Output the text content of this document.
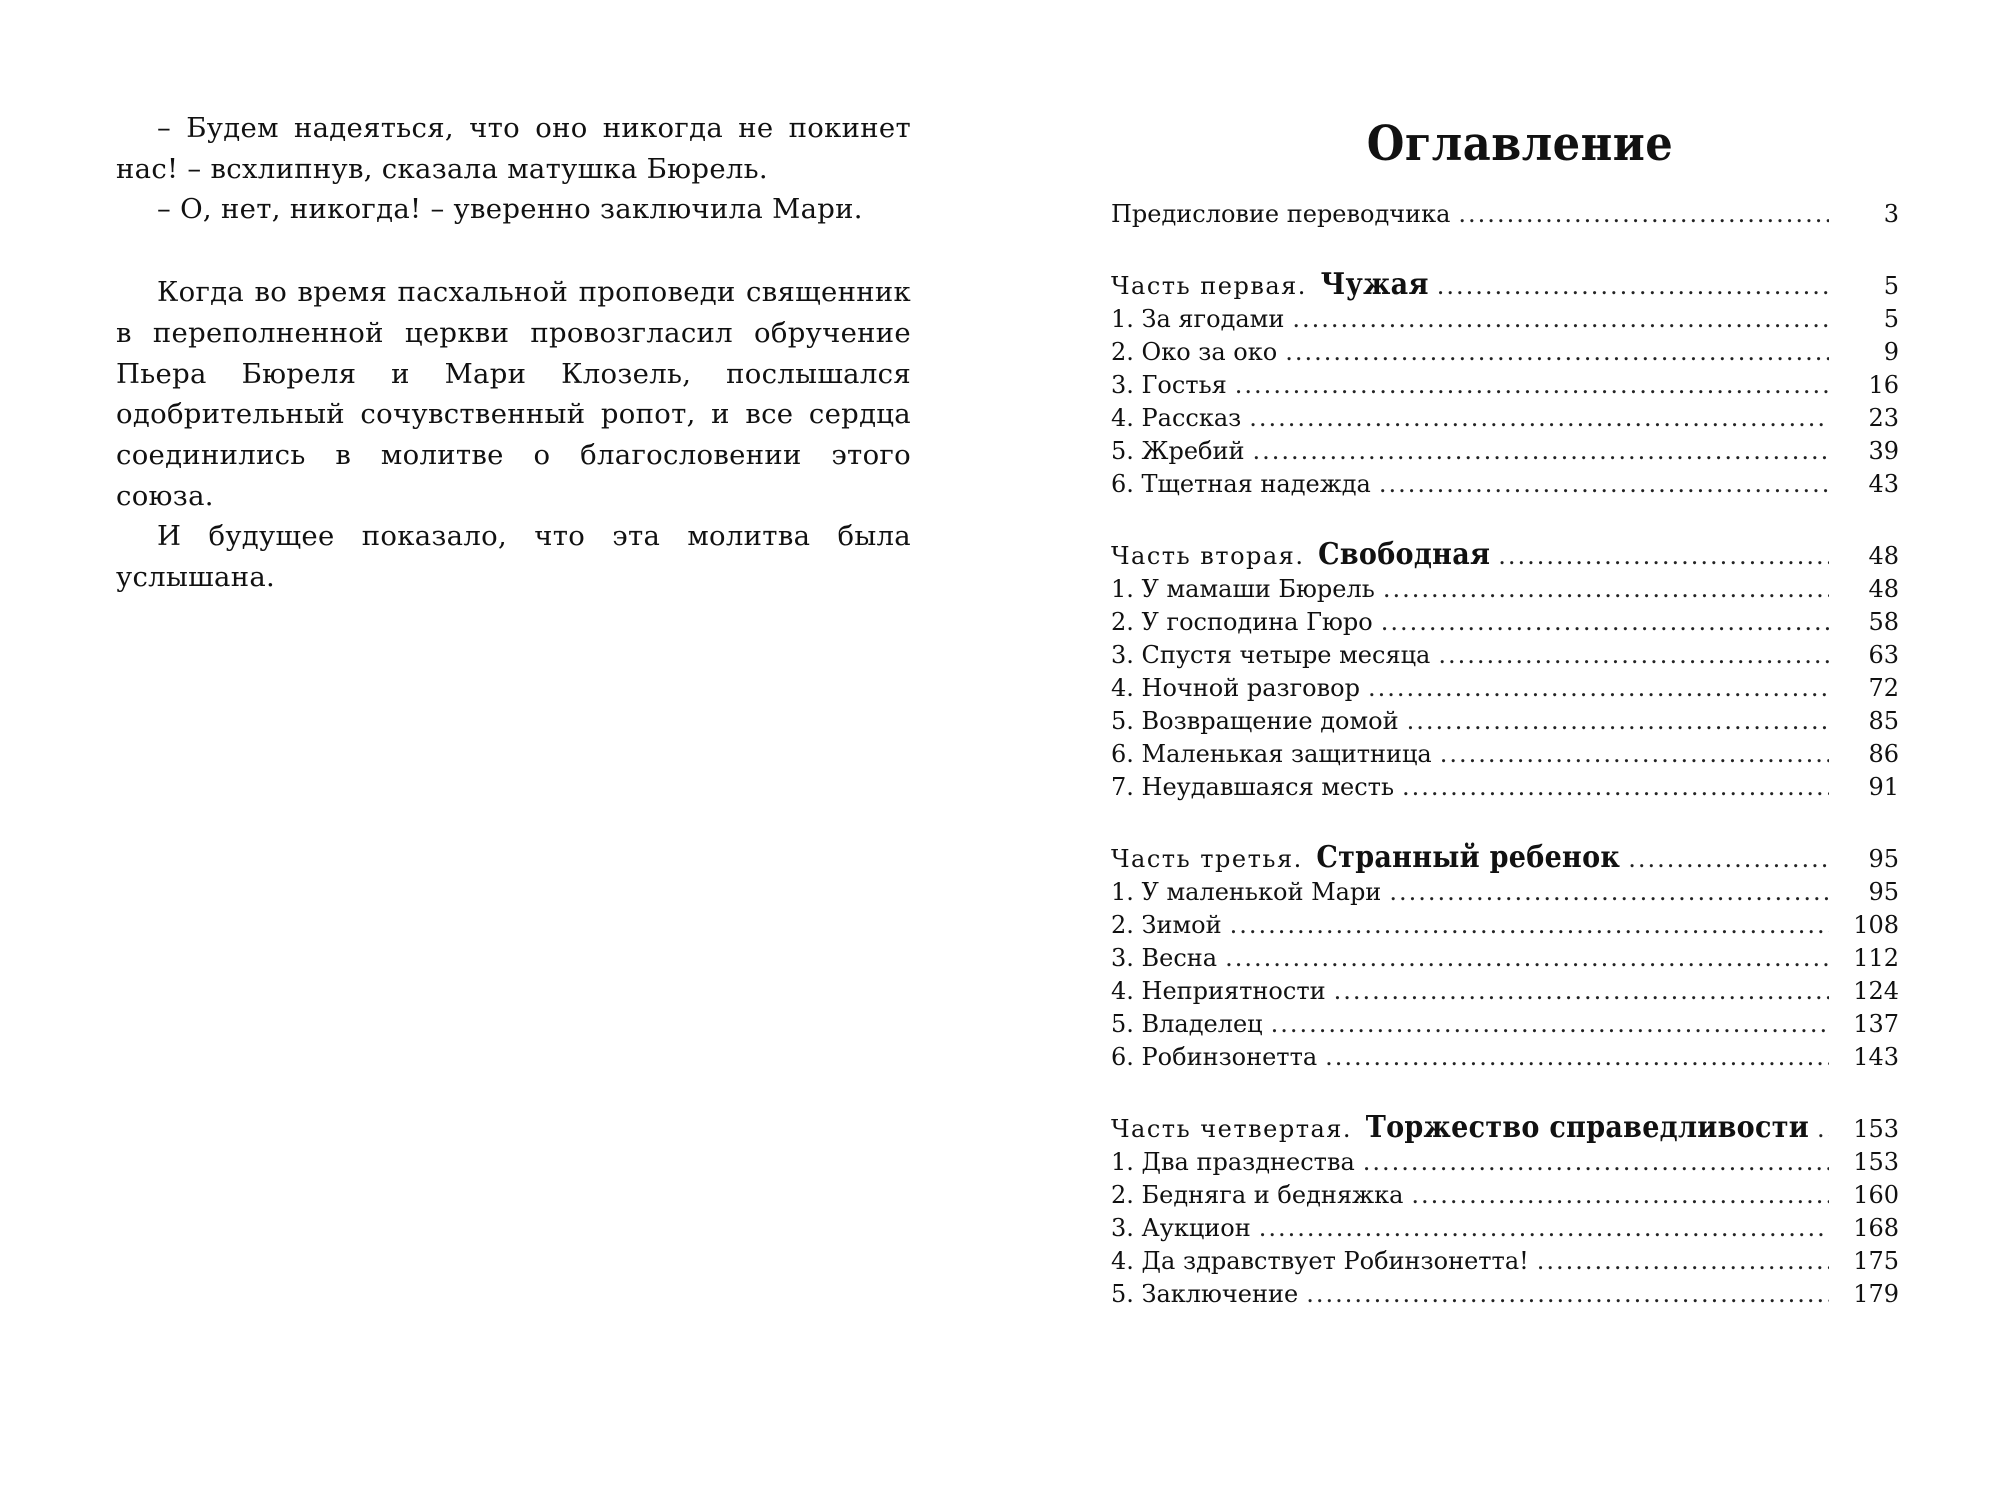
– Будем надеяться, что оно никогда не покинет нас! – всхлипнув, сказала матушка Бюрель.

– О, нет, никогда! – уверенно заключила Мари.

Когда во время пасхальной проповеди священник в переполненной церкви провозгласил обручение Пьера Бюреля и Мари Клозель, послышался одобрительный сочувственный ропот, и все сердца соединились в молитве о благословении этого союза.

И будущее показало, что эта молитва была услышана.

Оглавление
Предисловие переводчика .....	3
Часть первая. Чужая .....	5
1. За ягодами .....	5
2. Око за око .....	9
3. Гостья .....	16
4. Рассказ .....	23
5. Жребий .....	39
6. Тщетная надежда .....	43
Часть вторая. Свободная .....	48
1. У мамаши Бюрель .....	48
2. У господина Гюро .....	58
3. Спустя четыре месяца .....	63
4. Ночной разговор .....	72
5. Возвращение домой .....	85
6. Маленькая защитница .....	86
7. Неудавшаяся месть .....	91
Часть третья. Странный ребенок .....	95
1. У маленькой Мари .....	95
2. Зимой .....	108
3. Весна .....	112
4. Неприятности .....	124
5. Владелец .....	137
6. Робинзонетта .....	143
Часть четвертая. Торжество справедливости .....	153
1. Два празднества .....	153
2. Бедняга и бедняжка .....	160
3. Аукцион .....	168
4. Да здравствует Робинзонетта! .....	175
5. Заключение .....	179
